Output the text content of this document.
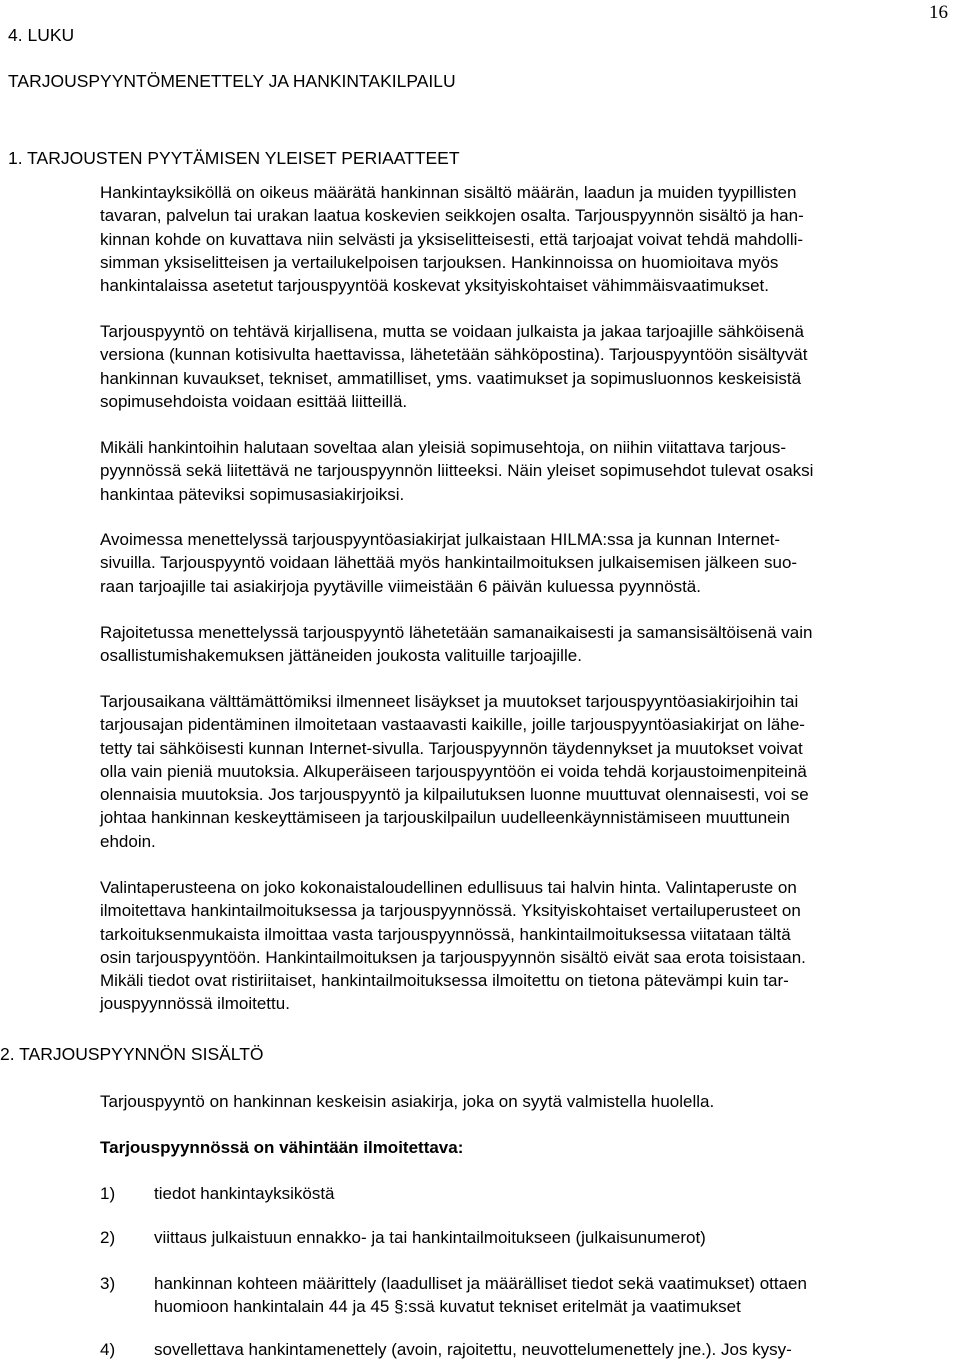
16
4. LUKU
TARJOUSPYYNTÖMENETTELY JA HANKINTAKILPAILU
1. TARJOUSTEN PYYTÄMISEN YLEISET PERIAATTEET
Hankintayksiköllä on oikeus määrätä hankinnan sisältö määrän, laadun ja muiden tyypillisten
tavaran, palvelun tai urakan laatua koskevien seikkojen osalta. Tarjouspyynnön sisältö ja han-
kinnan kohde on kuvattava niin selvästi ja yksiselitteisesti, että tarjoajat voivat tehdä mahdolli-
simman yksiselitteisen ja vertailukelpoisen tarjouksen. Hankinnoissa on huomioitava myös
hankintalaissa asetetut tarjouspyyntöä koskevat yksityiskohtaiset vähimmäisvaatimukset.
Tarjouspyyntö on tehtävä kirjallisena, mutta se voidaan julkaista ja jakaa tarjoajille sähköisenä
versiona (kunnan kotisivulta haettavissa, lähetetään sähköpostina). Tarjouspyyntöön sisältyvät
hankinnan kuvaukset, tekniset, ammatilliset, yms. vaatimukset ja sopimusluonnos keskeisistä
sopimusehdoista voidaan esittää liitteillä.
Mikäli hankintoihin halutaan soveltaa alan yleisiä sopimusehtoja, on niihin viitattava tarjous-
pyynnössä sekä liitettävä ne tarjouspyynnön liitteeksi. Näin yleiset sopimusehdot tulevat osaksi
hankintaa päteviksi sopimusasiakirjoiksi.
Avoimessa menettelyssä tarjouspyyntöasiakirjat julkaistaan HILMA:ssa ja kunnan Internet-
sivuilla. Tarjouspyyntö voidaan lähettää myös hankintailmoituksen julkaisemisen jälkeen suo-
raan tarjoajille tai asiakirjoja pyytäville viimeistään 6 päivän kuluessa pyynnöstä.
Rajoitetussa menettelyssä tarjouspyyntö lähetetään samanaikaisesti ja samansisältöisenä vain
osallistumishakemuksen jättäneiden joukosta valituille tarjoajille.
Tarjousaikana välttämättömiksi ilmenneet lisäykset ja muutokset tarjouspyyntöasiakirjoihin tai
tarjousajan pidentäminen ilmoitetaan vastaavasti kaikille, joille tarjouspyyntöasiakirjat on lähe-
tetty tai sähköisesti kunnan Internet-sivulla. Tarjouspyynnön täydennykset ja muutokset voivat
olla vain pieniä muutoksia. Alkuperäiseen tarjouspyyntöön ei voida tehdä korjaustoimenpiteinä
olennaisia muutoksia. Jos tarjouspyyntö ja kilpailutuksen luonne muuttuvat olennaisesti, voi se
johtaa hankinnan keskeyttämiseen ja tarjouskilpailun uudelleenkäynnistämiseen muuttunein
ehdoin.
Valintaperusteena on joko kokonaistaloudellinen edullisuus tai halvin hinta. Valintaperuste on
ilmoitettava hankintailmoituksessa ja tarjouspyynnössä. Yksityiskohtaiset vertailuperusteet on
tarkoituksenmukaista ilmoittaa vasta tarjouspyynnössä, hankintailmoituksessa viitataan tältä
osin tarjouspyyntöön. Hankintailmoituksen ja tarjouspyynnön sisältö eivät saa erota toisistaan.
Mikäli tiedot ovat ristiriitaiset, hankintailmoituksessa ilmoitettu on tietona pätevämpi kuin tar-
jouspyynnössä ilmoitettu.
2. TARJOUSPYYNNÖN SISÄLTÖ
Tarjouspyyntö on hankinnan keskeisin asiakirja, joka on syytä valmistella huolella.
Tarjouspyynnössä on vähintään ilmoitettava:
1) tiedot hankintayksiköstä
2) viittaus julkaistuun ennakko- ja tai hankintailmoitukseen (julkaisunumerot)
3) hankinnan kohteen määrittely (laadulliset ja määrälliset tiedot sekä vaatimukset) ottaen
huomioon hankintalain 44 ja 45 §:ssä kuvatut tekniset eritelmät ja vaatimukset
4) sovellettava hankintamenettely (avoin, rajoitettu, neuvottelumenettely jne.). Jos kysy-
